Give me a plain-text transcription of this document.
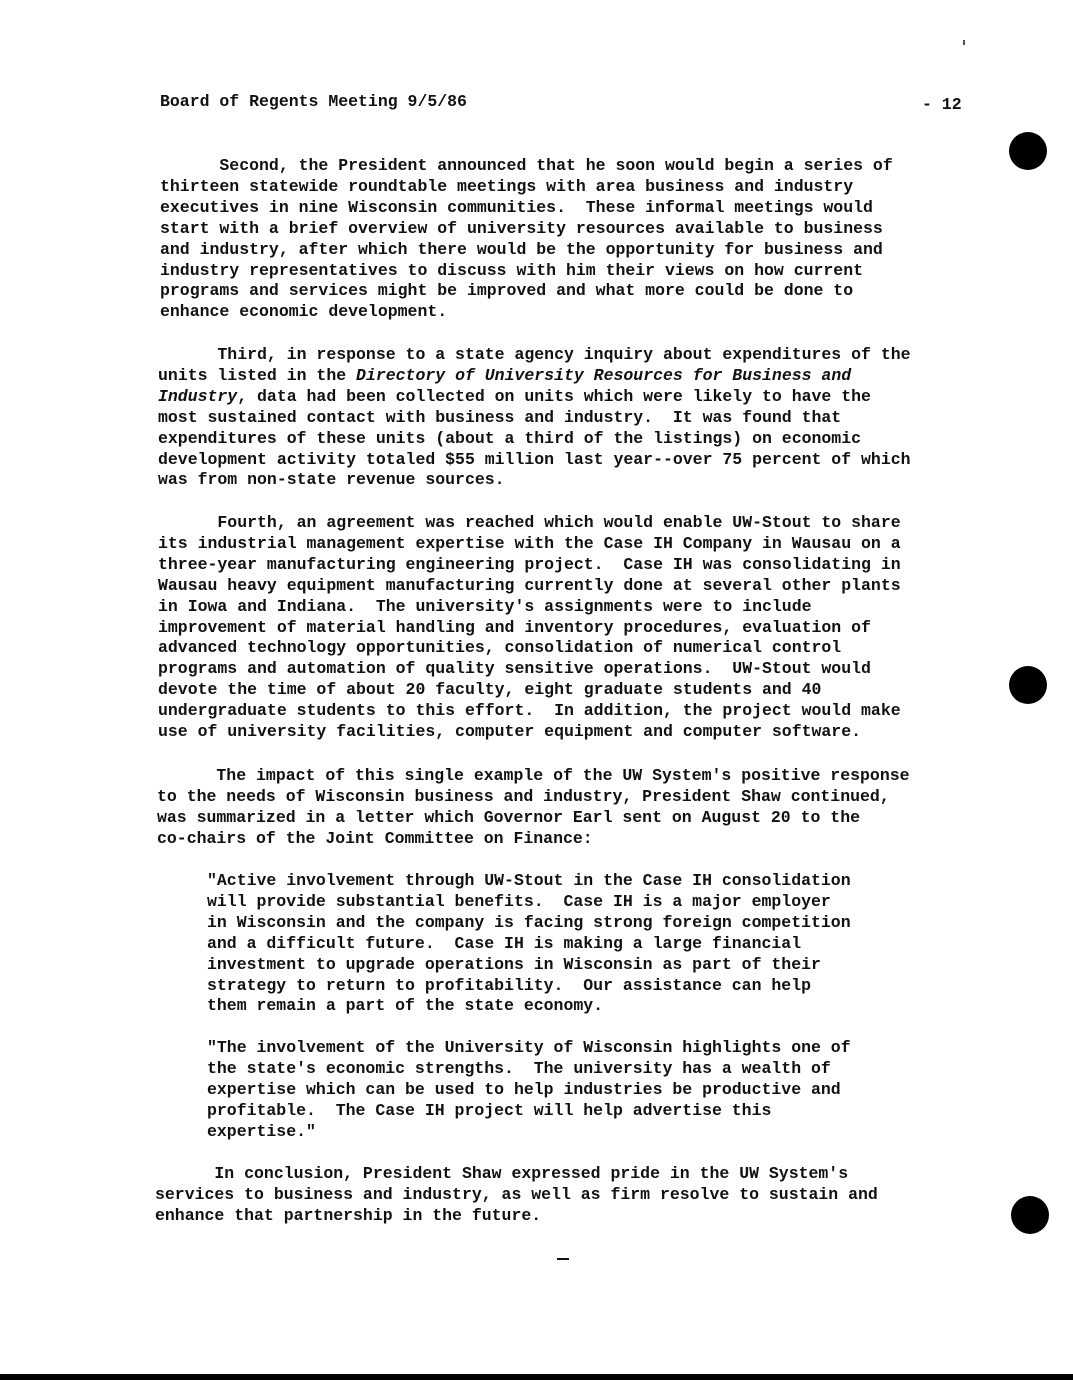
Board of Regents Meeting 9/5/86	- 12

Second, the President announced that he soon would begin a series of
thirteen statewide roundtable meetings with area business and industry
executives in nine Wisconsin communities.  These informal meetings would
start with a brief overview of university resources available to business
and industry, after which there would be the opportunity for business and
industry representatives to discuss with him their views on how current
programs and services might be improved and what more could be done to
enhance economic development.

Third, in response to a state agency inquiry about expenditures of the
units listed in the Directory of University Resources for Business and
Industry, data had been collected on units which were likely to have the
most sustained contact with business and industry.  It was found that
expenditures of these units (about a third of the listings) on economic
development activity totaled $55 million last year--over 75 percent of which
was from non-state revenue sources.

Fourth, an agreement was reached which would enable UW-Stout to share
its industrial management expertise with the Case IH Company in Wausau on a
three-year manufacturing engineering project.  Case IH was consolidating in
Wausau heavy equipment manufacturing currently done at several other plants
in Iowa and Indiana.  The university's assignments were to include
improvement of material handling and inventory procedures, evaluation of
advanced technology opportunities, consolidation of numerical control
programs and automation of quality sensitive operations.  UW-Stout would
devote the time of about 20 faculty, eight graduate students and 40
undergraduate students to this effort.  In addition, the project would make
use of university facilities, computer equipment and computer software.

The impact of this single example of the UW System's positive response
to the needs of Wisconsin business and industry, President Shaw continued,
was summarized in a letter which Governor Earl sent on August 20 to the
co-chairs of the Joint Committee on Finance:

"Active involvement through UW-Stout in the Case IH consolidation
will provide substantial benefits.  Case IH is a major employer
in Wisconsin and the company is facing strong foreign competition
and a difficult future.  Case IH is making a large financial
investment to upgrade operations in Wisconsin as part of their
strategy to return to profitability.  Our assistance can help
them remain a part of the state economy.

"The involvement of the University of Wisconsin highlights one of
the state's economic strengths.  The university has a wealth of
expertise which can be used to help industries be productive and
profitable.  The Case IH project will help advertise this
expertise."

In conclusion, President Shaw expressed pride in the UW System's
services to business and industry, as well as firm resolve to sustain and
enhance that partnership in the future.
